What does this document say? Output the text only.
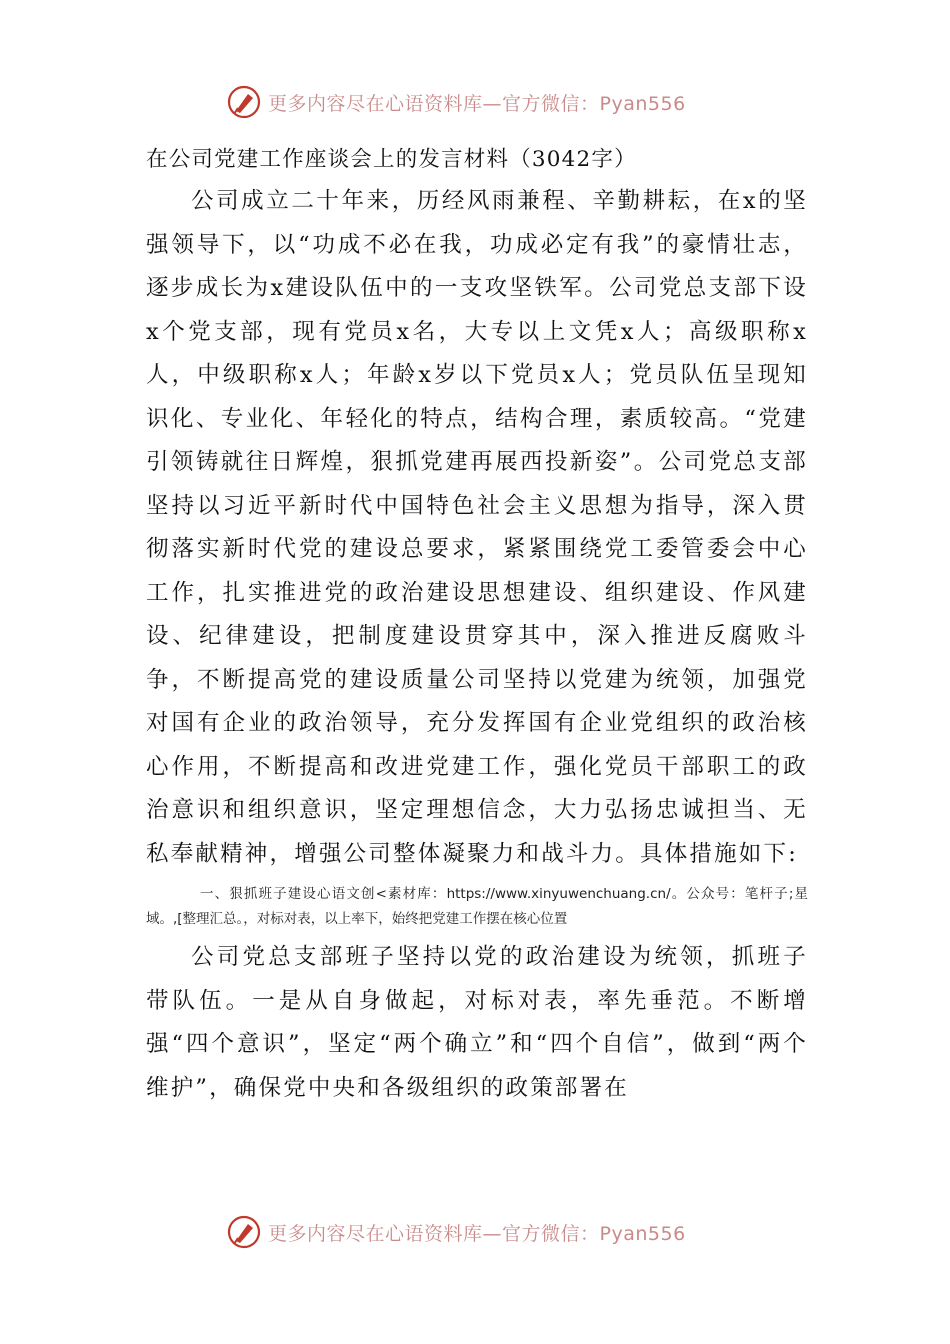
更多内容尽在心语资料库—官方微信：Pyan556

在公司党建工作座谈会上的发言材料（3042字）

公司成立二十年来，历经风雨兼程、辛勤耕耘，在x的坚强领导下，以“功成不必在我，功成必定有我”的豪情壮志，逐步成长为x建设队伍中的一支攻坚铁军。公司党总支部下设x个党支部，现有党员x名，大专以上文凭x人；高级职称x人，中级职称x人；年龄x岁以下党员x人；党员队伍呈现知识化、专业化、年轻化的特点，结构合理，素质较高。“党建引领铸就往日辉煌，狠抓党建再展西投新姿”。公司党总支部坚持以习近平新时代中国特色社会主义思想为指导，深入贯彻落实新时代党的建设总要求，紧紧围绕党工委管委会中心工作，扎实推进党的政治建设思想建设、组织建设、作风建设、纪律建设，把制度建设贯穿其中，深入推进反腐败斗争，不断提高党的建设质量公司坚持以党建为统领，加强党对国有企业的政治领导，充分发挥国有企业党组织的政治核心作用，不断提高和改进党建工作，强化党员干部职工的政治意识和组织意识，坚定理想信念，大力弘扬忠诚担当、无私奉献精神，增强公司整体凝聚力和战斗力。具体措施如下:

一、狠抓班子建设心语文创<素材库：https://www.xinyuwenchuang.cn/。公众号：笔杆子;星域。,[整理汇总。，对标对表，以上率下，始终把党建工作摆在核心位置

公司党总支部班子坚持以党的政治建设为统领，抓班子带队伍。一是从自身做起，对标对表，率先垂范。不断增强“四个意识”，坚定“两个确立”和“四个自信”，做到“两个维护”，确保党中央和各级组织的政策部署在

更多内容尽在心语资料库—官方微信：Pyan556
